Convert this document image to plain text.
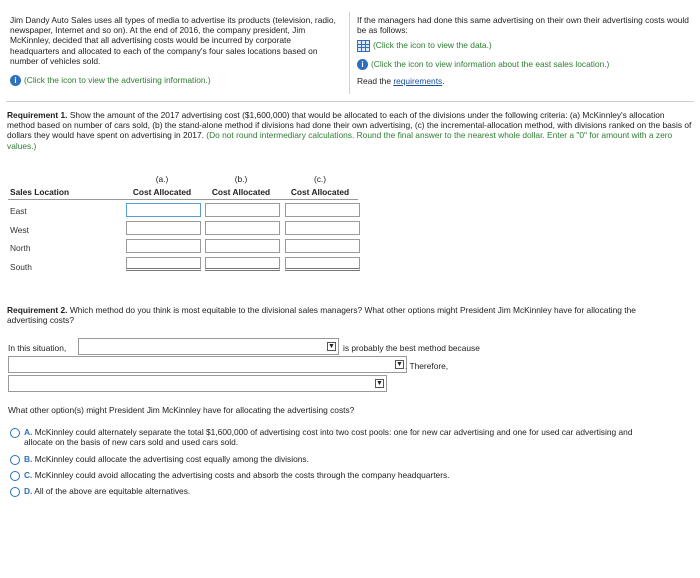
Jim Dandy Auto Sales uses all types of media to advertise its products (television, radio, newspaper, Internet and so on). At the end of 2016, the company president, Jim McKinnley, decided that all advertising costs would be incurred by corporate headquarters and allocated to each of the company's four sales locations based on number of vehicles sold.
i (Click the icon to view the advertising information.)
If the managers had done this same advertising on their own their advertising costs would be as follows:
(Click the icon to view the data.)
i (Click the icon to view information about the east sales location.)
Read the requirements.
Requirement 1. Show the amount of the 2017 advertising cost ($1,600,000) that would be allocated to each of the divisions under the following criteria: (a) McKinnley's allocation method based on number of cars sold, (b) the stand-alone method if divisions had done their own advertising, (c) the incremental-allocation method, with divisions ranked on the basis of dollars they would have spent on advertising in 2017. (Do not round intermediary calculations. Round the final answer to the nearest whole dollar. Enter a "0" for amount with a zero values.)
(a.)	(b.)	(c.)
Sales Location	Cost Allocated	Cost Allocated	Cost Allocated
East
West
North
South
Requirement 2. Which method do you think is most equitable to the divisional sales managers? What other options might President Jim McKinnley have for allocating the advertising costs?
In this situation,	▼ is probably the best method because
▼ . Therefore,
▼
What other option(s) might President Jim McKinnley have for allocating the advertising costs?
A. McKinnley could alternately separate the total $1,600,000 of advertising cost into two cost pools: one for new car advertising and one for used car advertising and allocate on the basis of new cars sold and used cars sold.
B. McKinnley could allocate the advertising cost equally among the divisions.
C. McKinnley could avoid allocating the advertising costs and absorb the costs through the company headquarters.
D. All of the above are equitable alternatives.
